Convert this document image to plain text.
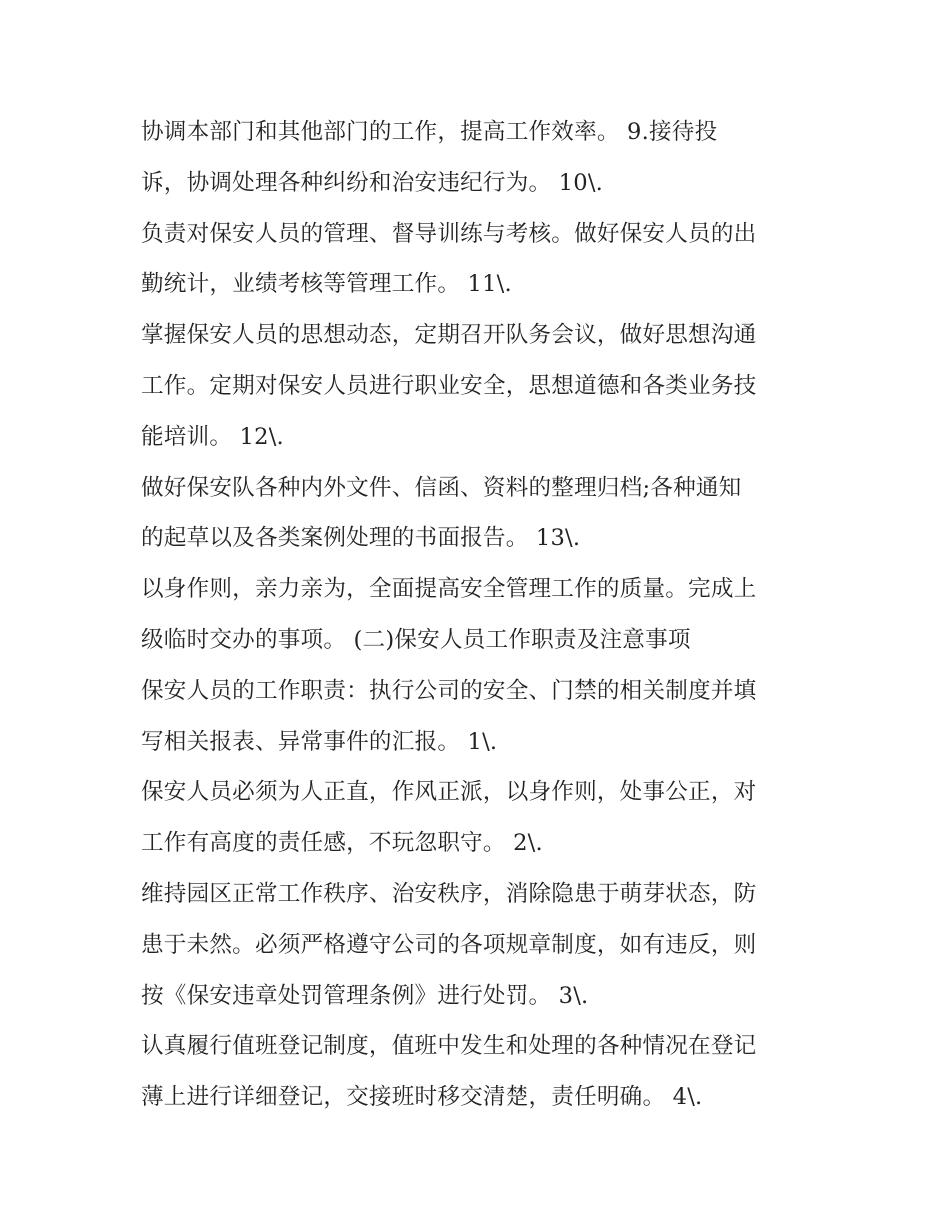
协调本部门和其他部门的工作，提高工作效率。 9.接待投
诉，协调处理各种纠纷和治安违纪行为。 10\.
负责对保安人员的管理、督导训练与考核。做好保安人员的出
勤统计，业绩考核等管理工作。 11\.
掌握保安人员的思想动态，定期召开队务会议，做好思想沟通
工作。定期对保安人员进行职业安全，思想道德和各类业务技
能培训。 12\.
做好保安队各种内外文件、信函、资料的整理归档;各种通知
的起草以及各类案例处理的书面报告。 13\.
以身作则，亲力亲为，全面提高安全管理工作的质量。完成上
级临时交办的事项。 (二)保安人员工作职责及注意事项
保安人员的工作职责：执行公司的安全、门禁的相关制度并填
写相关报表、异常事件的汇报。 1\.
保安人员必须为人正直，作风正派，以身作则，处事公正，对
工作有高度的责任感，不玩忽职守。 2\.
维持园区正常工作秩序、治安秩序，消除隐患于萌芽状态，防
患于未然。必须严格遵守公司的各项规章制度，如有违反，则
按《保安违章处罚管理条例》进行处罚。 3\.
认真履行值班登记制度，值班中发生和处理的各种情况在登记
薄上进行详细登记，交接班时移交清楚，责任明确。 4\.
